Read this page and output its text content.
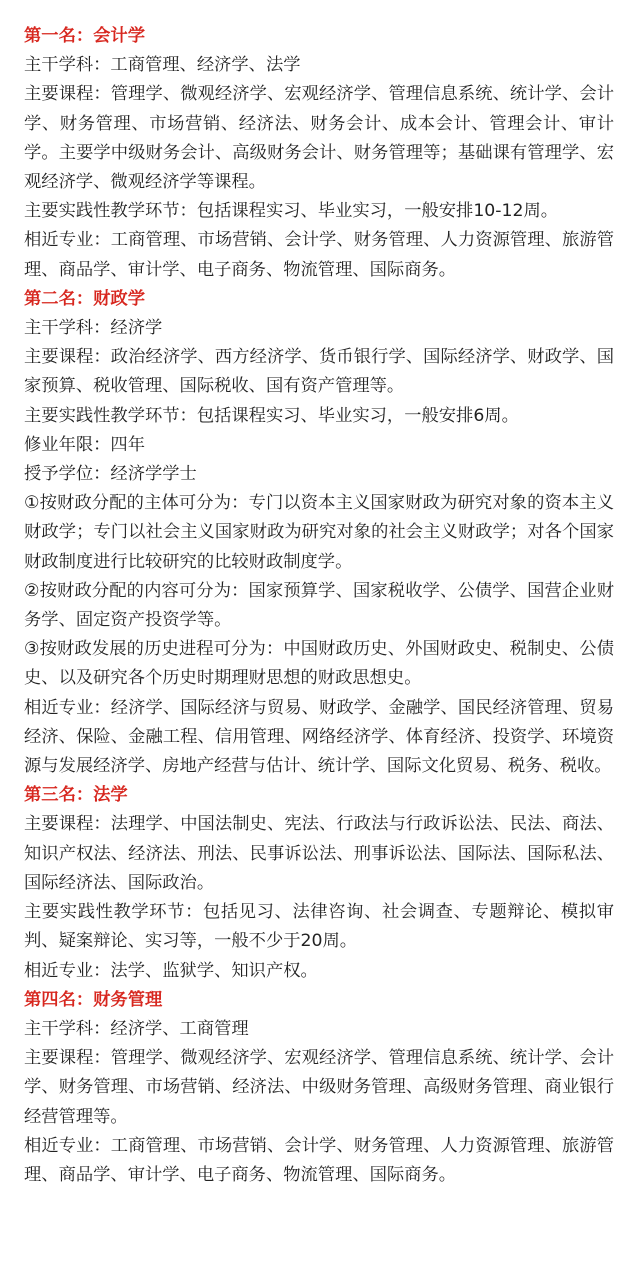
第一名：会计学

主干学科：工商管理、经济学、法学

主要课程：管理学、微观经济学、宏观经济学、管理信息系统、统计学、会计学、财务管理、市场营销、经济法、财务会计、成本会计、管理会计、审计学。主要学中级财务会计、高级财务会计、财务管理等；基础课有管理学、宏观经济学、微观经济学等课程。

主要实践性教学环节：包括课程实习、毕业实习，一般安排10-12周。

相近专业：工商管理、市场营销、会计学、财务管理、人力资源管理、旅游管理、商品学、审计学、电子商务、物流管理、国际商务。

第二名：财政学

主干学科：经济学

主要课程：政治经济学、西方经济学、货币银行学、国际经济学、财政学、国家预算、税收管理、国际税收、国有资产管理等。

主要实践性教学环节：包括课程实习、毕业实习，一般安排6周。

修业年限：四年

授予学位：经济学学士

①按财政分配的主体可分为：专门以资本主义国家财政为研究对象的资本主义财政学；专门以社会主义国家财政为研究对象的社会主义财政学；对各个国家财政制度进行比较研究的比较财政制度学。

②按财政分配的内容可分为：国家预算学、国家税收学、公债学、国营企业财务学、固定资产投资学等。

③按财政发展的历史进程可分为：中国财政历史、外国财政史、税制史、公债史、以及研究各个历史时期理财思想的财政思想史。

相近专业：经济学、国际经济与贸易、财政学、金融学、国民经济管理、贸易经济、保险、金融工程、信用管理、网络经济学、体育经济、投资学、环境资源与发展经济学、房地产经营与估计、统计学、国际文化贸易、税务、税收。

第三名：法学

主要课程：法理学、中国法制史、宪法、行政法与行政诉讼法、民法、商法、知识产权法、经济法、刑法、民事诉讼法、刑事诉讼法、国际法、国际私法、国际经济法、国际政治。

主要实践性教学环节：包括见习、法律咨询、社会调查、专题辩论、模拟审判、疑案辩论、实习等，一般不少于20周。

相近专业：法学、监狱学、知识产权。

第四名：财务管理

主干学科：经济学、工商管理

主要课程：管理学、微观经济学、宏观经济学、管理信息系统、统计学、会计学、财务管理、市场营销、经济法、中级财务管理、高级财务管理、商业银行经营管理等。

相近专业：工商管理、市场营销、会计学、财务管理、人力资源管理、旅游管理、商品学、审计学、电子商务、物流管理、国际商务。
